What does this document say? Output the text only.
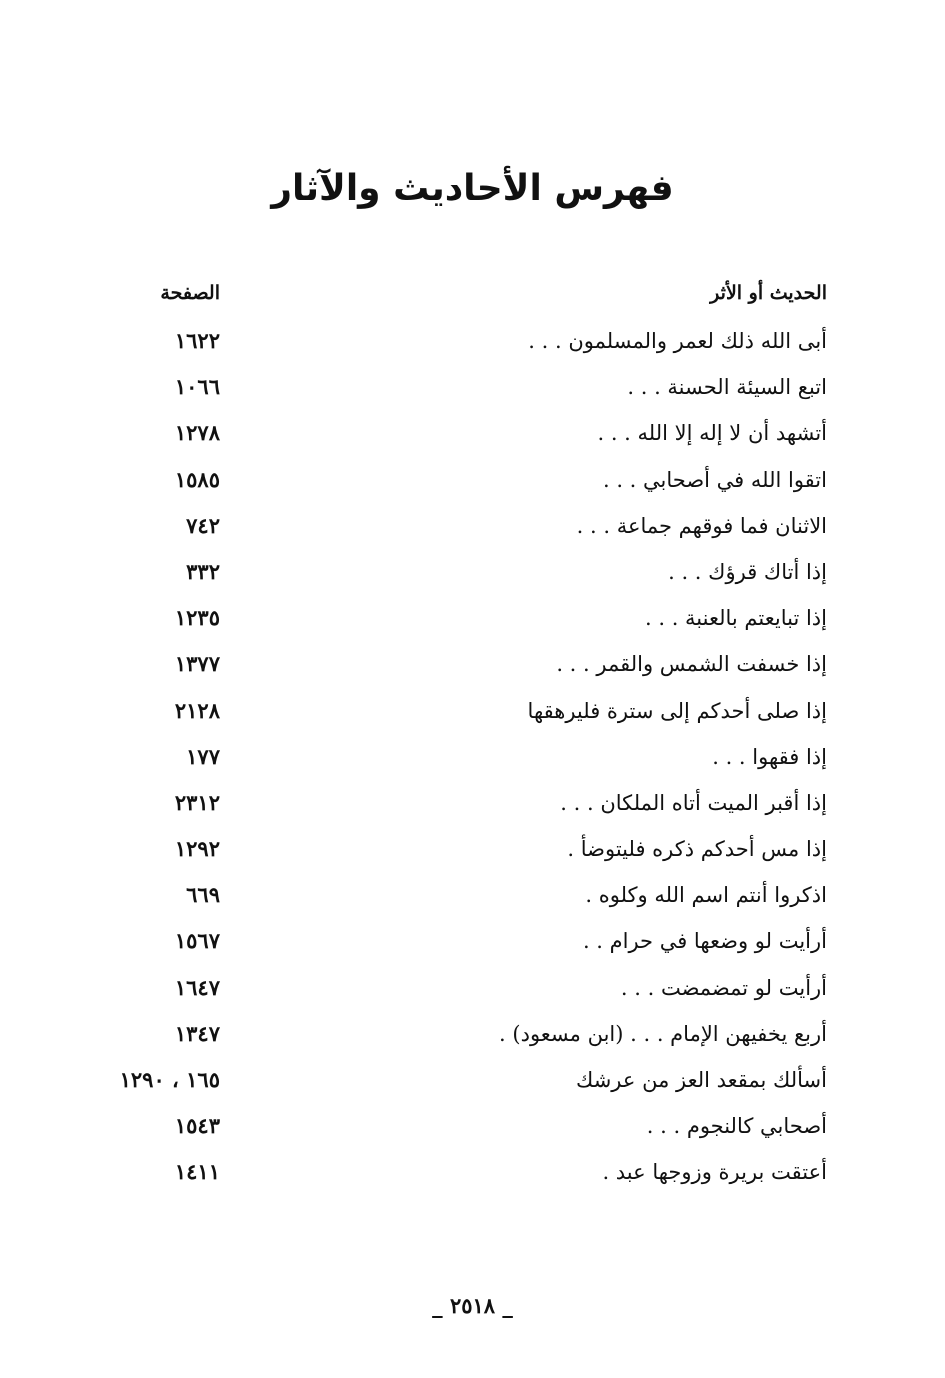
فهرس الأحاديث والآثار
الحديث أو الأثر
الصفحة
أبى الله ذلك لعمر والمسلمون . . .
١٦٢٢
اتبع السيئة الحسنة . . .
١٠٦٦
أتشهد أن لا إله إلا الله . . .
١٢٧٨
اتقوا الله في أصحابي . . .
١٥٨٥
الاثنان فما فوقهم جماعة . . .
٧٤٢
إذا أتاك قرؤك . . .
٣٣٢
إذا تبايعتم بالعنبة . . .
١٢٣٥
إذا خسفت الشمس والقمر . . .
١٣٧٧
إذا صلى أحدكم إلى سترة فليرهقها
٢١٢٨
إذا فقهوا . . .
١٧٧
إذا أقبر الميت أتاه الملكان . . .
٢٣١٢
إذا مس أحدكم ذكره فليتوضأ .
١٢٩٢
اذكروا أنتم اسم الله وكلوه .
٦٦٩
أرأيت لو وضعها في حرام . .
١٥٦٧
أرأيت لو تمضمضت . . .
١٦٤٧
أربع يخفيهن الإمام . . . (ابن مسعود) .
١٣٤٧
أسألك بمقعد العز من عرشك
١٦٥ ، ١٢٩٠
أصحابي كالنجوم . . .
١٥٤٣
أعتقت بريرة وزوجها عبد .
١٤١١
_ ٢٥١٨ _
